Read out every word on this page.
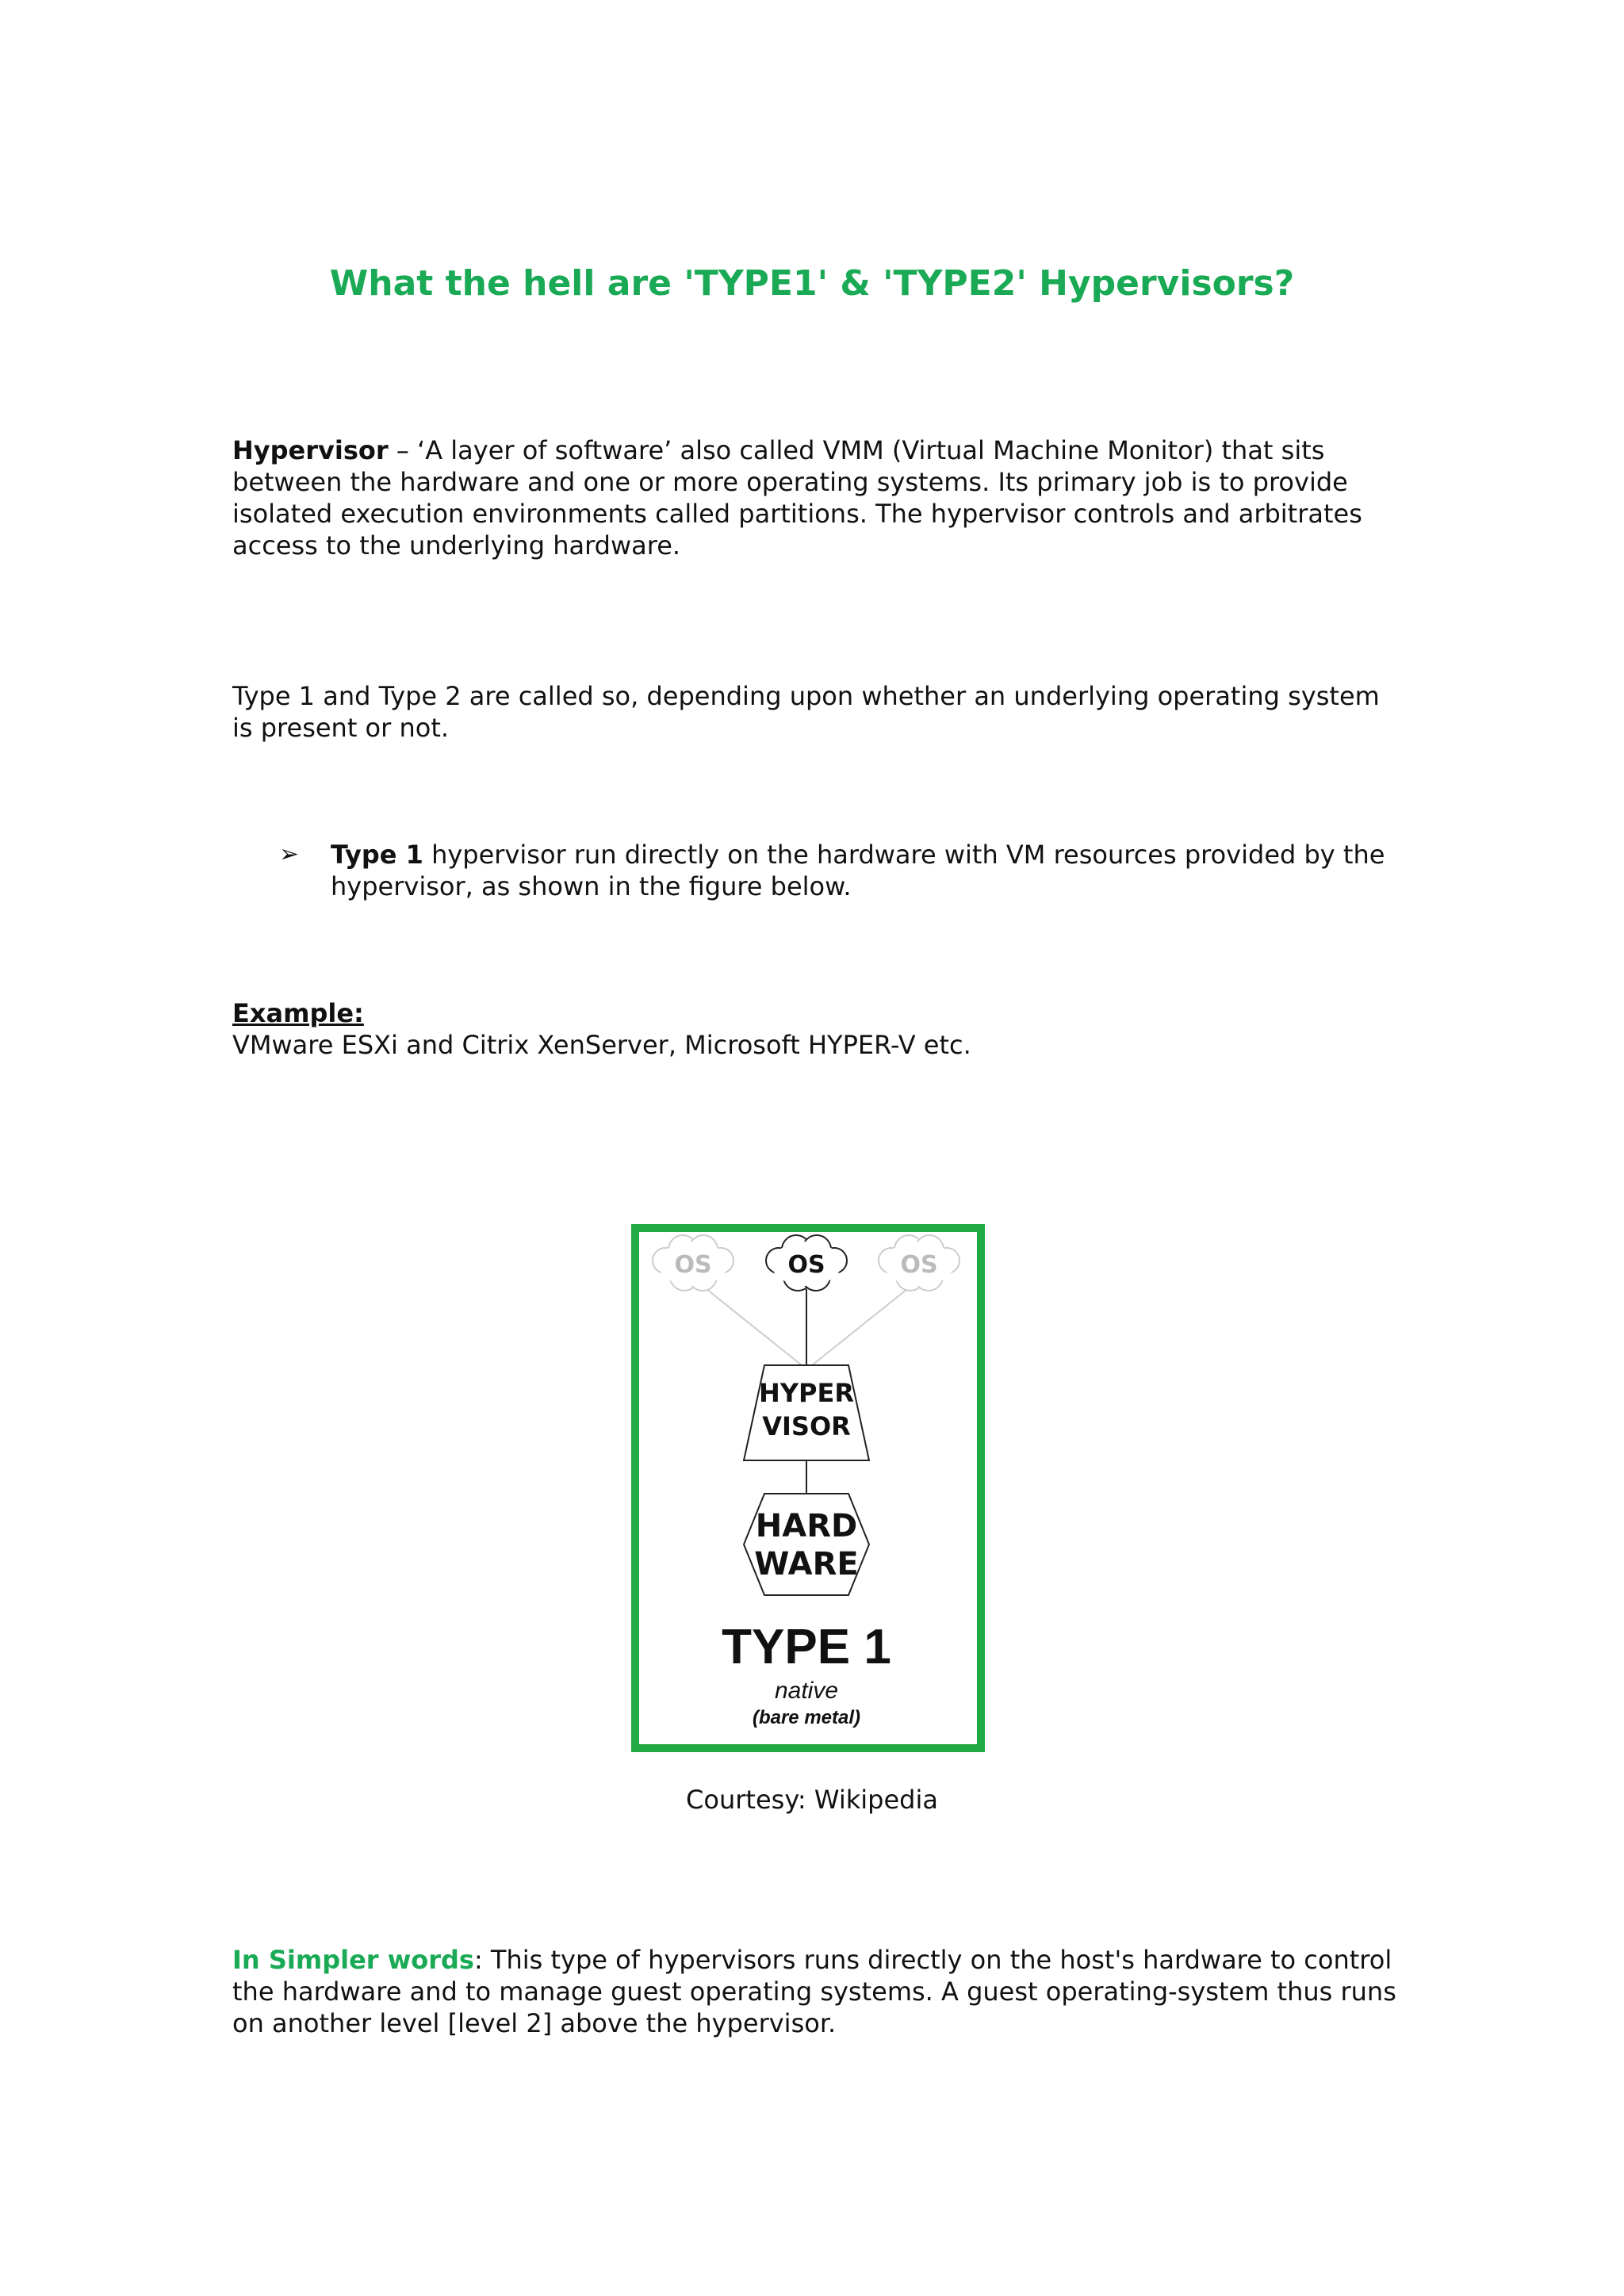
What the hell are 'TYPE1' & 'TYPE2' Hypervisors?

Hypervisor – ‘A layer of software’ also called VMM (Virtual Machine Monitor) that sits between the hardware and one or more operating systems. Its primary job is to provide isolated execution environments called partitions. The hypervisor controls and arbitrates access to the underlying hardware.

Type 1 and Type 2 are called so, depending upon whether an underlying operating system is present or not.

➢ Type 1 hypervisor run directly on the hardware with VM resources provided by the hypervisor, as shown in the figure below.
Example:
VMware ESXi and Citrix XenServer, Microsoft HYPER-V etc.
OS	OS	OS
HYPER
VISOR
HARD
WARE
TYPE 1
native
(bare metal)
Courtesy: Wikipedia

In Simpler words: This type of hypervisors runs directly on the host's hardware to control the hardware and to manage guest operating systems. A guest operating-system thus runs on another level [level 2] above the hypervisor.
